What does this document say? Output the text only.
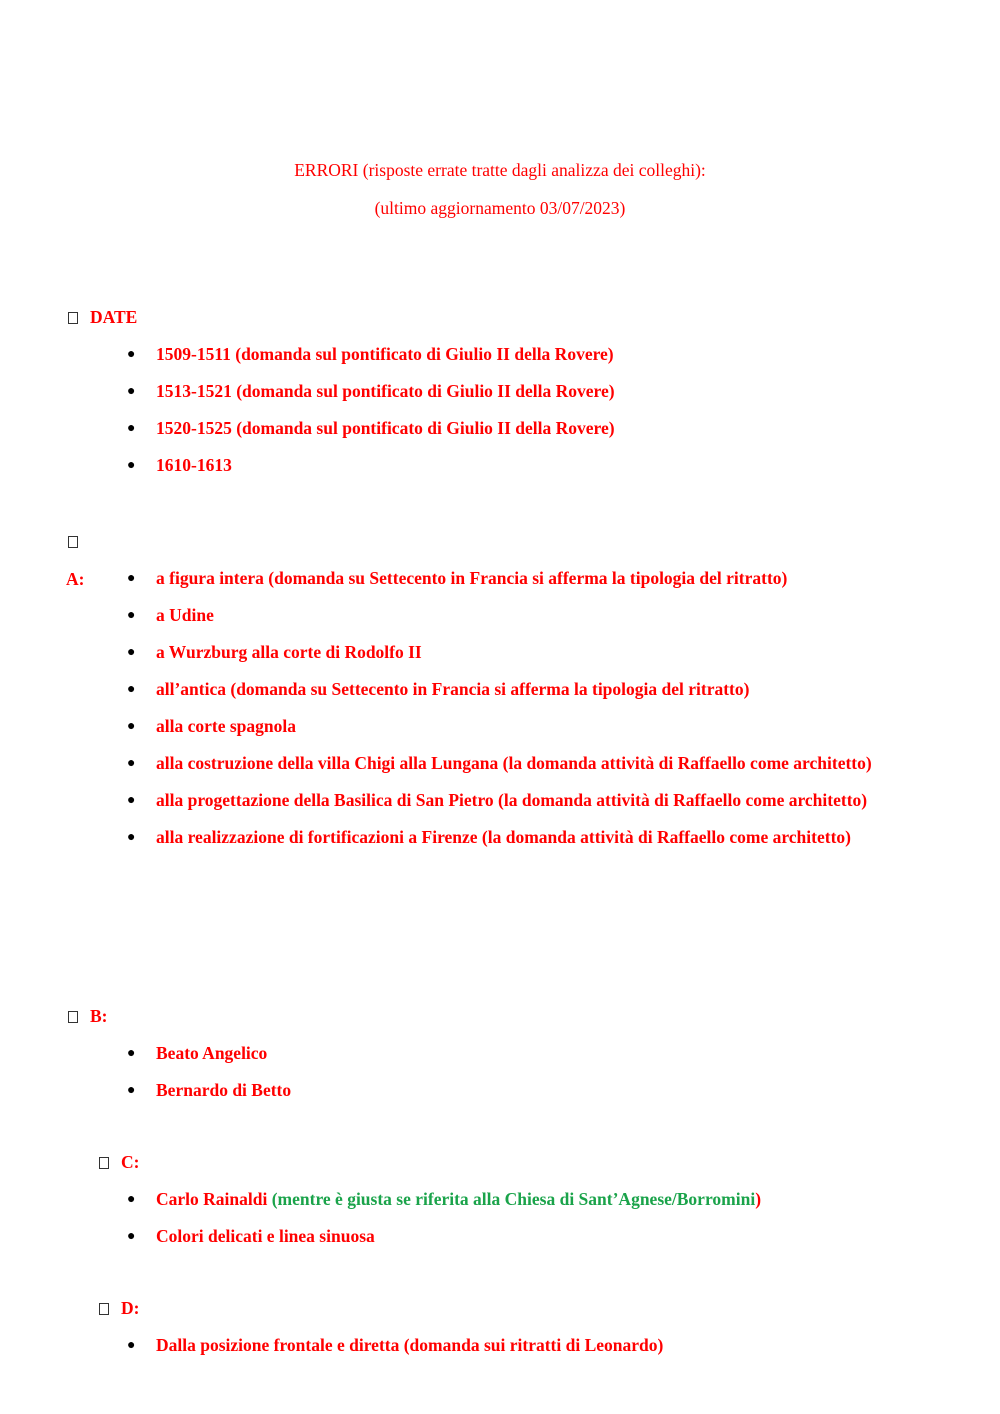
ERRORI (risposte errate tratte dagli analizza dei colleghi):
(ultimo aggiornamento 03/07/2023)
DATE
● 1509-1511 (domanda sul pontificato di Giulio II della Rovere)
● 1513-1521 (domanda sul pontificato di Giulio II della Rovere)
● 1520-1525 (domanda sul pontificato di Giulio II della Rovere)
● 1610-1613
A:	● a figura intera (domanda su Settecento in Francia si afferma la tipologia del ritratto)
● a Udine
● a Wurzburg alla corte di Rodolfo II
● all’antica (domanda su Settecento in Francia si afferma la tipologia del ritratto)
● alla corte spagnola
● alla costruzione della villa Chigi alla Lungana (la domanda attività di Raffaello come architetto)
● alla progettazione della Basilica di San Pietro (la domanda attività di Raffaello come architetto)
● alla realizzazione di fortificazioni a Firenze (la domanda attività di Raffaello come architetto)
B:
● Beato Angelico
● Bernardo di Betto
C:
● Carlo Rainaldi (mentre è giusta se riferita alla Chiesa di Sant’Agnese/Borromini)
● Colori delicati e linea sinuosa
D:
● Dalla posizione frontale e diretta (domanda sui ritratti di Leonardo)
